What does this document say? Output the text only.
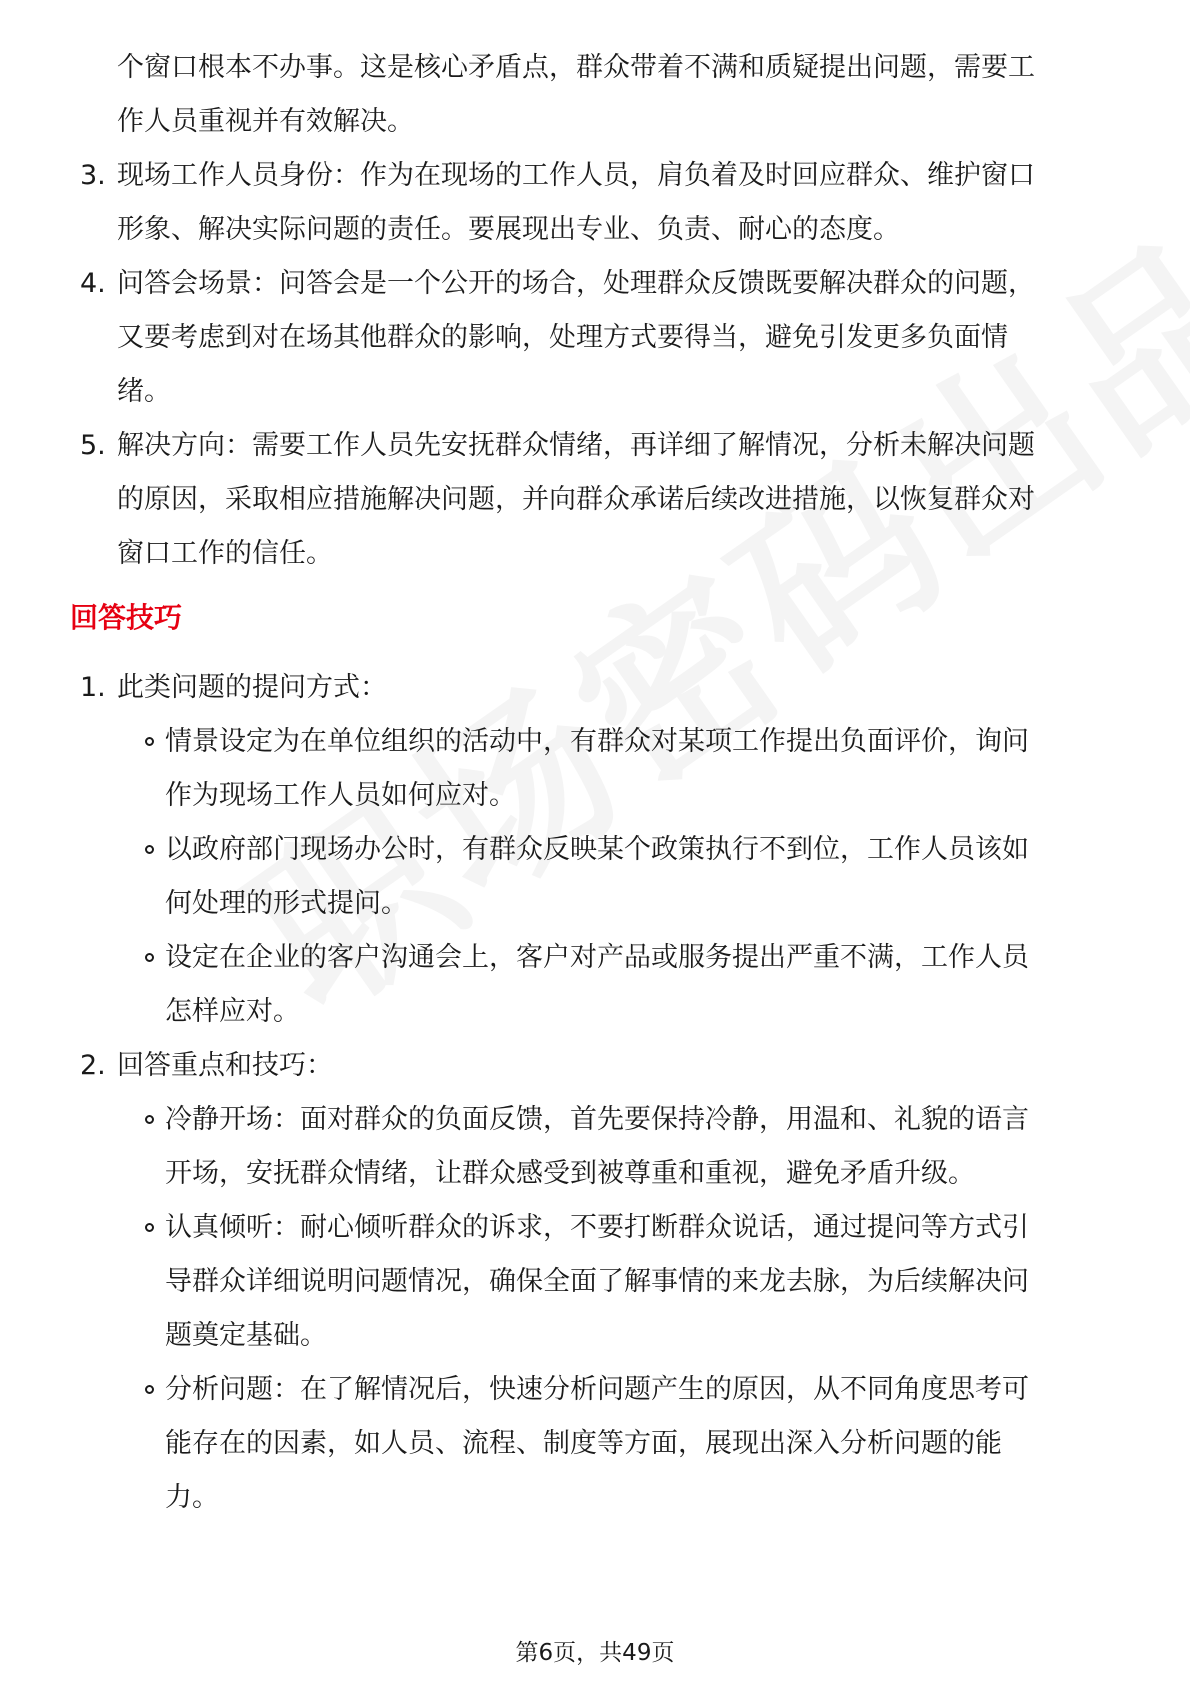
个窗口根本不办事。这是核心矛盾点，群众带着不满和质疑提出问题，需要工
作人员重视并有效解决。
3. 现场工作人员身份：作为在现场的工作人员，肩负着及时回应群众、维护窗口
形象、解决实际问题的责任。要展现出专业、负责、耐心的态度。
4. 问答会场景：问答会是一个公开的场合，处理群众反馈既要解决群众的问题，
又要考虑到对在场其他群众的影响，处理方式要得当，避免引发更多负面情
绪。
5. 解决方向：需要工作人员先安抚群众情绪，再详细了解情况，分析未解决问题
的原因，采取相应措施解决问题，并向群众承诺后续改进措施，以恢复群众对
窗口工作的信任。
回答技巧
1. 此类问题的提问方式：
情景设定为在单位组织的活动中，有群众对某项工作提出负面评价，询问
作为现场工作人员如何应对。
以政府部门现场办公时，有群众反映某个政策执行不到位，工作人员该如
何处理的形式提问。
设定在企业的客户沟通会上，客户对产品或服务提出严重不满，工作人员
怎样应对。
2. 回答重点和技巧：
冷静开场：面对群众的负面反馈，首先要保持冷静，用温和、礼貌的语言
开场，安抚群众情绪，让群众感受到被尊重和重视，避免矛盾升级。
认真倾听：耐心倾听群众的诉求，不要打断群众说话，通过提问等方式引
导群众详细说明问题情况，确保全面了解事情的来龙去脉，为后续解决问
题奠定基础。
分析问题：在了解情况后，快速分析问题产生的原因，从不同角度思考可
能存在的因素，如人员、流程、制度等方面，展现出深入分析问题的能
力。
第6页，共49页
